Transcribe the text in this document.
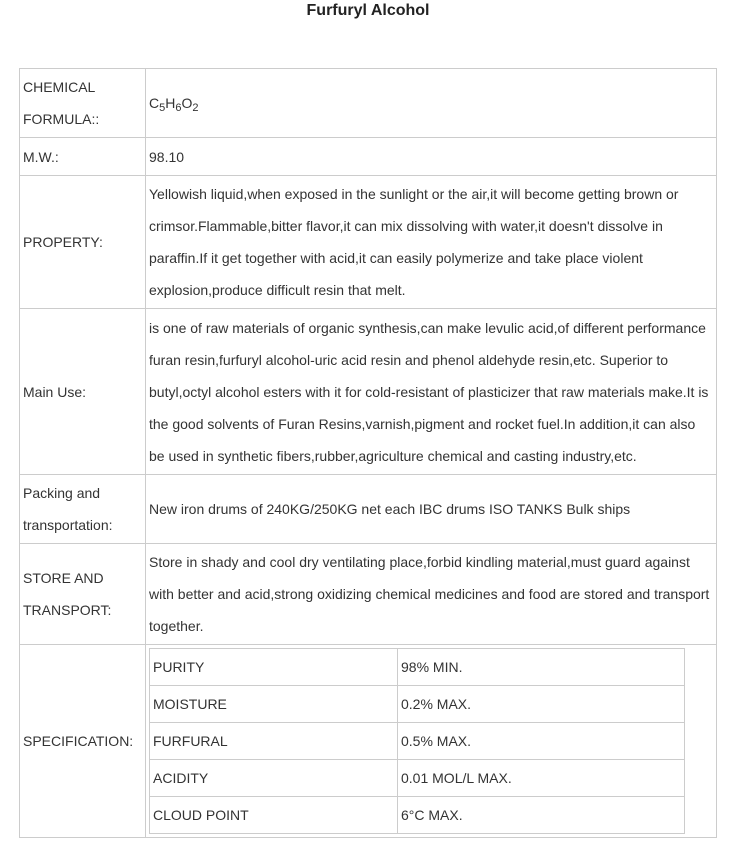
Furfuryl Alcohol
CHEMICAL FORMULA::	$C_5H_6O_2$
M.W.:	98.10
PROPERTY:	Yellowish liquid,when exposed in the sunlight or the air,it will become getting brown or crimsor.Flammable,bitter flavor,it can mix dissolving with water,it doesn't dissolve in paraffin.If it get together with acid,it can easily polymerize and take place violent explosion,produce difficult resin that melt.
Main Use:	is one of raw materials of organic synthesis,can make levulic acid,of different performance furan resin,furfuryl alcohol-uric acid resin and phenol aldehyde resin,etc. Superior to butyl,octyl alcohol esters with it for cold-resistant of plasticizer that raw materials make.It is the good solvents of Furan Resins,varnish,pigment and rocket fuel.In addition,it can also be used in synthetic fibers,rubber,agriculture chemical and casting industry,etc.
Packing and transportation:	New iron drums of 240KG/250KG net each IBC drums ISO TANKS Bulk ships
STORE AND TRANSPORT:	Store in shady and cool dry ventilating place,forbid kindling material,must guard against with better and acid,strong oxidizing chemical medicines and food are stored and transport together.
SPECIFICATION:	
PURITY	98% MIN.
MOISTURE	0.2% MAX.
FURFURAL	0.5% MAX.
ACIDITY	0.01 MOL/L MAX.
CLOUD POINT	6°C MAX.
